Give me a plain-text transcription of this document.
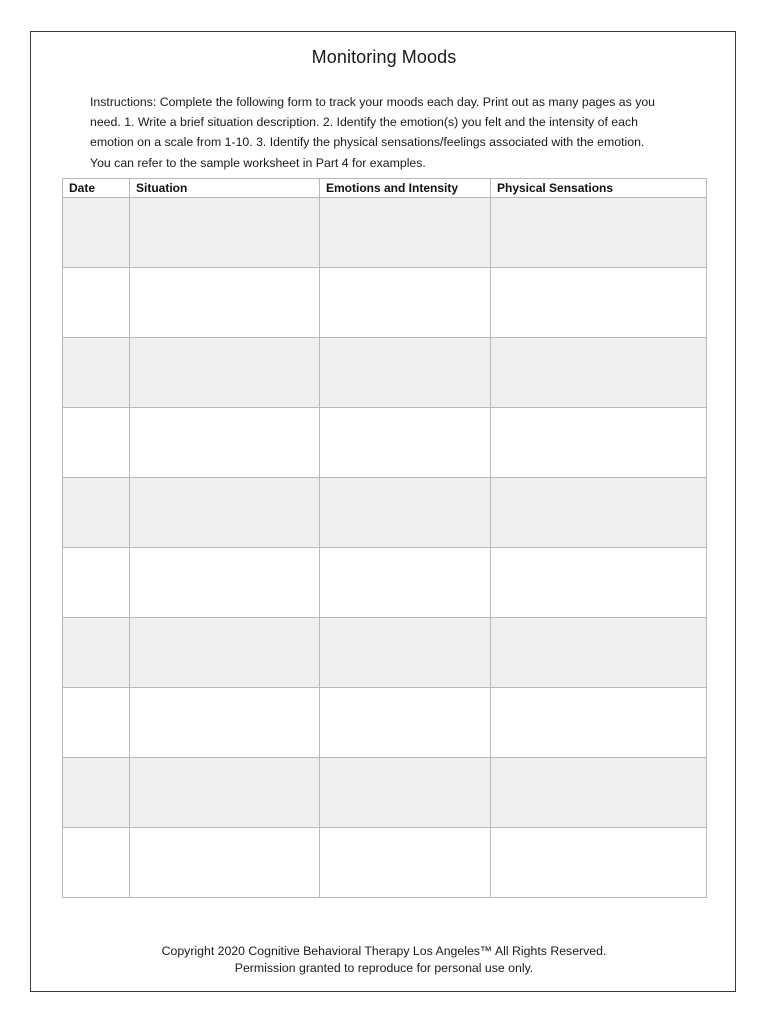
Monitoring Moods
Instructions: Complete the following form to track your moods each day. Print out as many pages as you
need. 1. Write a brief situation description. 2. Identify the emotion(s) you felt and the intensity of each
emotion on a scale from 1-10. 3. Identify the physical sensations/feelings associated with the emotion.
You can refer to the sample worksheet in Part 4 for examples.
Date	Situation	Emotions and Intensity	Physical Sensations

Copyright 2020 Cognitive Behavioral Therapy Los Angeles™ All Rights Reserved.
Permission granted to reproduce for personal use only.
